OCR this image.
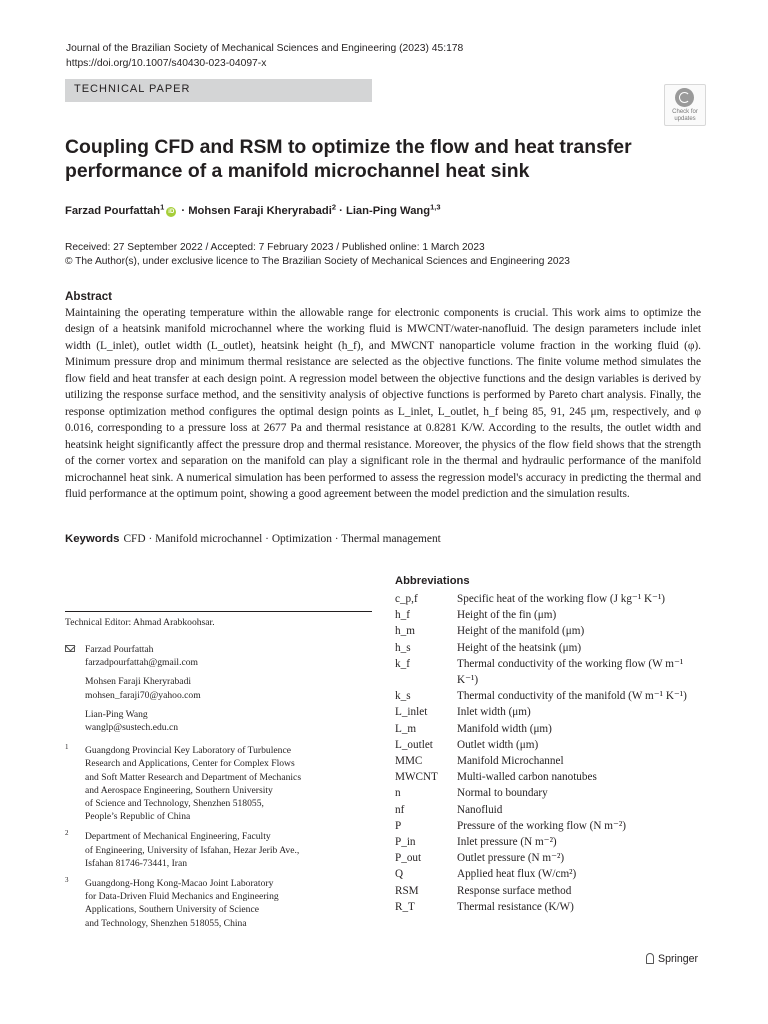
Journal of the Brazilian Society of Mechanical Sciences and Engineering (2023) 45:178
https://doi.org/10.1007/s40430-023-04097-x
TECHNICAL PAPER
Check for
updates
Coupling CFD and RSM to optimize the flow and heat transfer
performance of a manifold microchannel heat sink
Farzad Pourfattah$^1$iD · Mohsen Faraji Kheryrabadi$^2$ · Lian-Ping Wang$^{1,3}$
Received: 27 September 2022 / Accepted: 7 February 2023 / Published online: 1 March 2023
© The Author(s), under exclusive licence to The Brazilian Society of Mechanical Sciences and Engineering 2023
Abstract
Maintaining the operating temperature within the allowable range for electronic components is crucial. This work aims to optimize the design of a heatsink manifold microchannel where the working fluid is MWCNT/water-nanofluid. The design parameters include inlet width (L_inlet), outlet width (L_outlet), heatsink height (h_f), and MWCNT nanoparticle volume fraction in the working fluid (φ). Minimum pressure drop and minimum thermal resistance are selected as the objective functions. The finite volume method simulates the flow field and heat transfer at each design point. A regression model between the objective functions and the design variables is derived by utilizing the response surface method, and the sensitivity analysis of objective functions is performed by Pareto chart analysis. Finally, the response optimization method configures the optimal design points as L_inlet, L_outlet, h_f being 85, 91, 245 μm, respectively, and φ 0.016, corresponding to a pressure loss at 2677 Pa and thermal resistance at 0.8281 K/W. According to the results, the outlet width and heatsink height significantly affect the pressure drop and thermal resistance. Moreover, the physics of the flow field shows that the strength of the corner vortex and separation on the manifold can play a significant role in the thermal and hydraulic performance of the manifold microchannel heat sink. A numerical simulation has been performed to assess the regression model's accuracy in predicting the thermal and fluid performance at the optimum point, showing a good agreement between the model prediction and the simulation results.
Keywords CFD · Manifold microchannel · Optimization · Thermal management
Technical Editor: Ahmad Arabkoohsar.
Farzad Pourfattah
farzadpourfattah@gmail.com
Mohsen Faraji Kheryrabadi
mohsen_faraji70@yahoo.com
Lian-Ping Wang
wanglp@sustech.edu.cn
1 Guangdong Provincial Key Laboratory of Turbulence
Research and Applications, Center for Complex Flows
and Soft Matter Research and Department of Mechanics
and Aerospace Engineering, Southern University
of Science and Technology, Shenzhen 518055,
People’s Republic of China
2 Department of Mechanical Engineering, Faculty
of Engineering, University of Isfahan, Hezar Jerib Ave.,
Isfahan 81746-73441, Iran
3 Guangdong-Hong Kong-Macao Joint Laboratory
for Data-Driven Fluid Mechanics and Engineering
Applications, Southern University of Science
and Technology, Shenzhen 518055, China
Abbreviations
c_p,f	Specific heat of the working flow (J kg⁻¹ K⁻¹)
h_f	Height of the fin (μm)
h_m	Height of the manifold (μm)
h_s	Height of the heatsink (μm)
k_f	Thermal conductivity of the working flow (W m⁻¹ K⁻¹)
k_s	Thermal conductivity of the manifold (W m⁻¹ K⁻¹)
L_inlet	Inlet width (μm)
L_m	Manifold width (μm)
L_outlet	Outlet width (μm)
MMC	Manifold Microchannel
MWCNT	Multi-walled carbon nanotubes
n	Normal to boundary
nf	Nanofluid
P	Pressure of the working flow (N m⁻²)
P_in	Inlet pressure (N m⁻²)
P_out	Outlet pressure (N m⁻²)
Q	Applied heat flux (W/cm²)
RSM	Response surface method
R_T	Thermal resistance (K/W)
Springer
